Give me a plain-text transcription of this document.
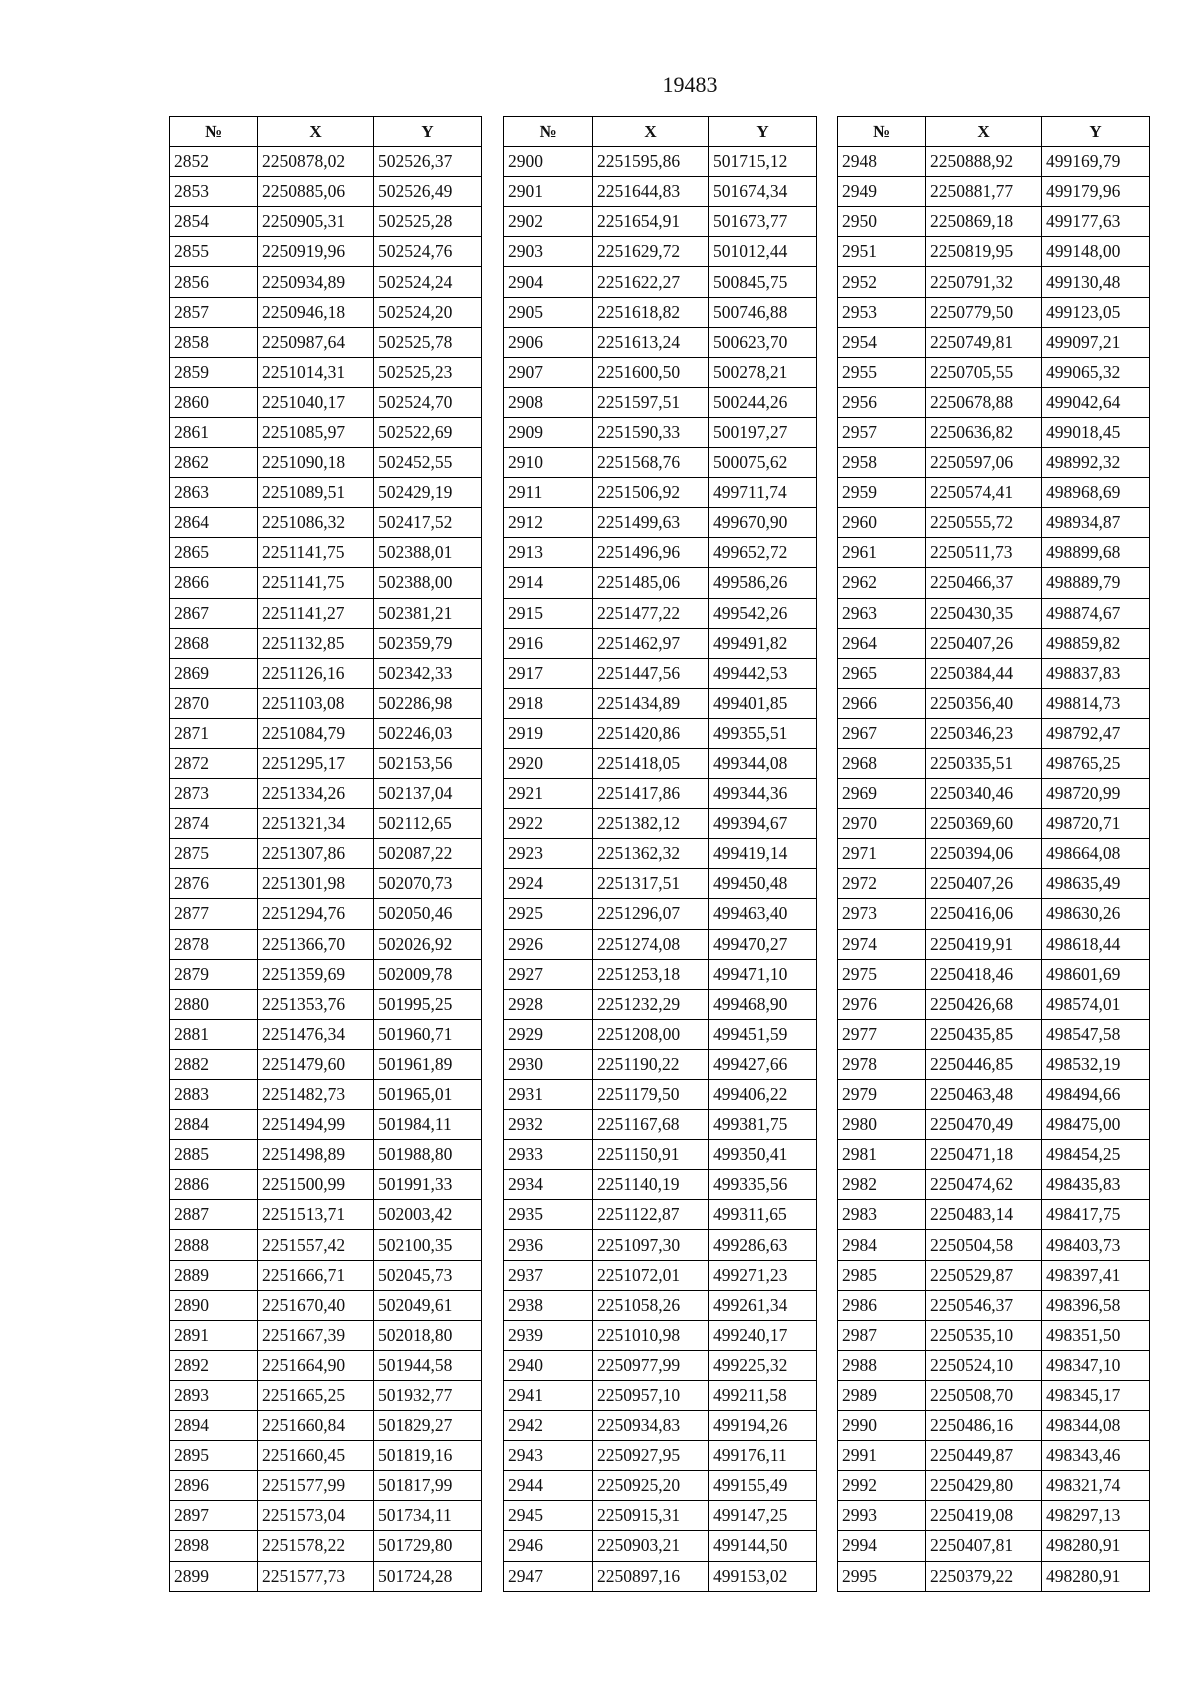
19483
№	X	Y
2852	2250878,02	502526,37
2853	2250885,06	502526,49
2854	2250905,31	502525,28
2855	2250919,96	502524,76
2856	2250934,89	502524,24
2857	2250946,18	502524,20
2858	2250987,64	502525,78
2859	2251014,31	502525,23
2860	2251040,17	502524,70
2861	2251085,97	502522,69
2862	2251090,18	502452,55
2863	2251089,51	502429,19
2864	2251086,32	502417,52
2865	2251141,75	502388,01
2866	2251141,75	502388,00
2867	2251141,27	502381,21
2868	2251132,85	502359,79
2869	2251126,16	502342,33
2870	2251103,08	502286,98
2871	2251084,79	502246,03
2872	2251295,17	502153,56
2873	2251334,26	502137,04
2874	2251321,34	502112,65
2875	2251307,86	502087,22
2876	2251301,98	502070,73
2877	2251294,76	502050,46
2878	2251366,70	502026,92
2879	2251359,69	502009,78
2880	2251353,76	501995,25
2881	2251476,34	501960,71
2882	2251479,60	501961,89
2883	2251482,73	501965,01
2884	2251494,99	501984,11
2885	2251498,89	501988,80
2886	2251500,99	501991,33
2887	2251513,71	502003,42
2888	2251557,42	502100,35
2889	2251666,71	502045,73
2890	2251670,40	502049,61
2891	2251667,39	502018,80
2892	2251664,90	501944,58
2893	2251665,25	501932,77
2894	2251660,84	501829,27
2895	2251660,45	501819,16
2896	2251577,99	501817,99
2897	2251573,04	501734,11
2898	2251578,22	501729,80
2899	2251577,73	501724,28
№	X	Y
2900	2251595,86	501715,12
2901	2251644,83	501674,34
2902	2251654,91	501673,77
2903	2251629,72	501012,44
2904	2251622,27	500845,75
2905	2251618,82	500746,88
2906	2251613,24	500623,70
2907	2251600,50	500278,21
2908	2251597,51	500244,26
2909	2251590,33	500197,27
2910	2251568,76	500075,62
2911	2251506,92	499711,74
2912	2251499,63	499670,90
2913	2251496,96	499652,72
2914	2251485,06	499586,26
2915	2251477,22	499542,26
2916	2251462,97	499491,82
2917	2251447,56	499442,53
2918	2251434,89	499401,85
2919	2251420,86	499355,51
2920	2251418,05	499344,08
2921	2251417,86	499344,36
2922	2251382,12	499394,67
2923	2251362,32	499419,14
2924	2251317,51	499450,48
2925	2251296,07	499463,40
2926	2251274,08	499470,27
2927	2251253,18	499471,10
2928	2251232,29	499468,90
2929	2251208,00	499451,59
2930	2251190,22	499427,66
2931	2251179,50	499406,22
2932	2251167,68	499381,75
2933	2251150,91	499350,41
2934	2251140,19	499335,56
2935	2251122,87	499311,65
2936	2251097,30	499286,63
2937	2251072,01	499271,23
2938	2251058,26	499261,34
2939	2251010,98	499240,17
2940	2250977,99	499225,32
2941	2250957,10	499211,58
2942	2250934,83	499194,26
2943	2250927,95	499176,11
2944	2250925,20	499155,49
2945	2250915,31	499147,25
2946	2250903,21	499144,50
2947	2250897,16	499153,02
№	X	Y
2948	2250888,92	499169,79
2949	2250881,77	499179,96
2950	2250869,18	499177,63
2951	2250819,95	499148,00
2952	2250791,32	499130,48
2953	2250779,50	499123,05
2954	2250749,81	499097,21
2955	2250705,55	499065,32
2956	2250678,88	499042,64
2957	2250636,82	499018,45
2958	2250597,06	498992,32
2959	2250574,41	498968,69
2960	2250555,72	498934,87
2961	2250511,73	498899,68
2962	2250466,37	498889,79
2963	2250430,35	498874,67
2964	2250407,26	498859,82
2965	2250384,44	498837,83
2966	2250356,40	498814,73
2967	2250346,23	498792,47
2968	2250335,51	498765,25
2969	2250340,46	498720,99
2970	2250369,60	498720,71
2971	2250394,06	498664,08
2972	2250407,26	498635,49
2973	2250416,06	498630,26
2974	2250419,91	498618,44
2975	2250418,46	498601,69
2976	2250426,68	498574,01
2977	2250435,85	498547,58
2978	2250446,85	498532,19
2979	2250463,48	498494,66
2980	2250470,49	498475,00
2981	2250471,18	498454,25
2982	2250474,62	498435,83
2983	2250483,14	498417,75
2984	2250504,58	498403,73
2985	2250529,87	498397,41
2986	2250546,37	498396,58
2987	2250535,10	498351,50
2988	2250524,10	498347,10
2989	2250508,70	498345,17
2990	2250486,16	498344,08
2991	2250449,87	498343,46
2992	2250429,80	498321,74
2993	2250419,08	498297,13
2994	2250407,81	498280,91
2995	2250379,22	498280,91
